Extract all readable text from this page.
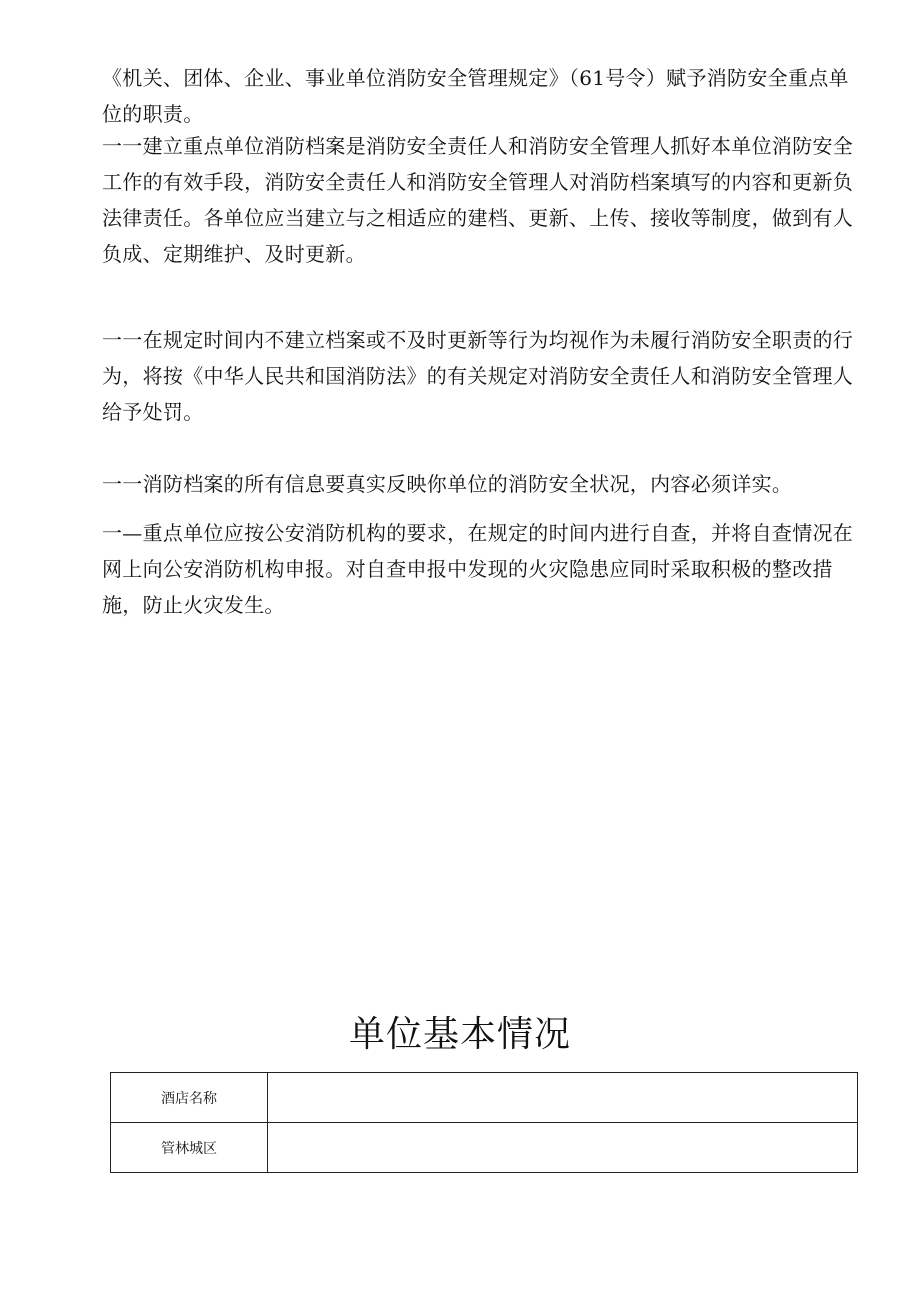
《机关、团体、企业、事业单位消防安全管理规定》（61号令）赋予消防安全重点单
位的职责。

一一建立重点单位消防档案是消防安全责任人和消防安全管理人抓好本单位消防安全
工作的有效手段，消防安全责任人和消防安全管理人对消防档案填写的内容和更新负
法律责任。各单位应当建立与之相适应的建档、更新、上传、接收等制度，做到有人
负成、定期维护、及时更新。

一一在规定时间内不建立档案或不及时更新等行为均视作为未履行消防安全职责的行
为，将按《中华人民共和国消防法》的有关规定对消防安全责任人和消防安全管理人
给予处罚。

一一消防档案的所有信息要真实反映你单位的消防安全状况，内容必须详实。

一—重点单位应按公安消防机构的要求，在规定的时间内进行自查，并将自查情况在
网上向公安消防机构申报。对自查申报中发现的火灾隐患应同时采取积极的整改措
施，防止火灾发生。

单位基本情况
酒店名称	
管林城区	
